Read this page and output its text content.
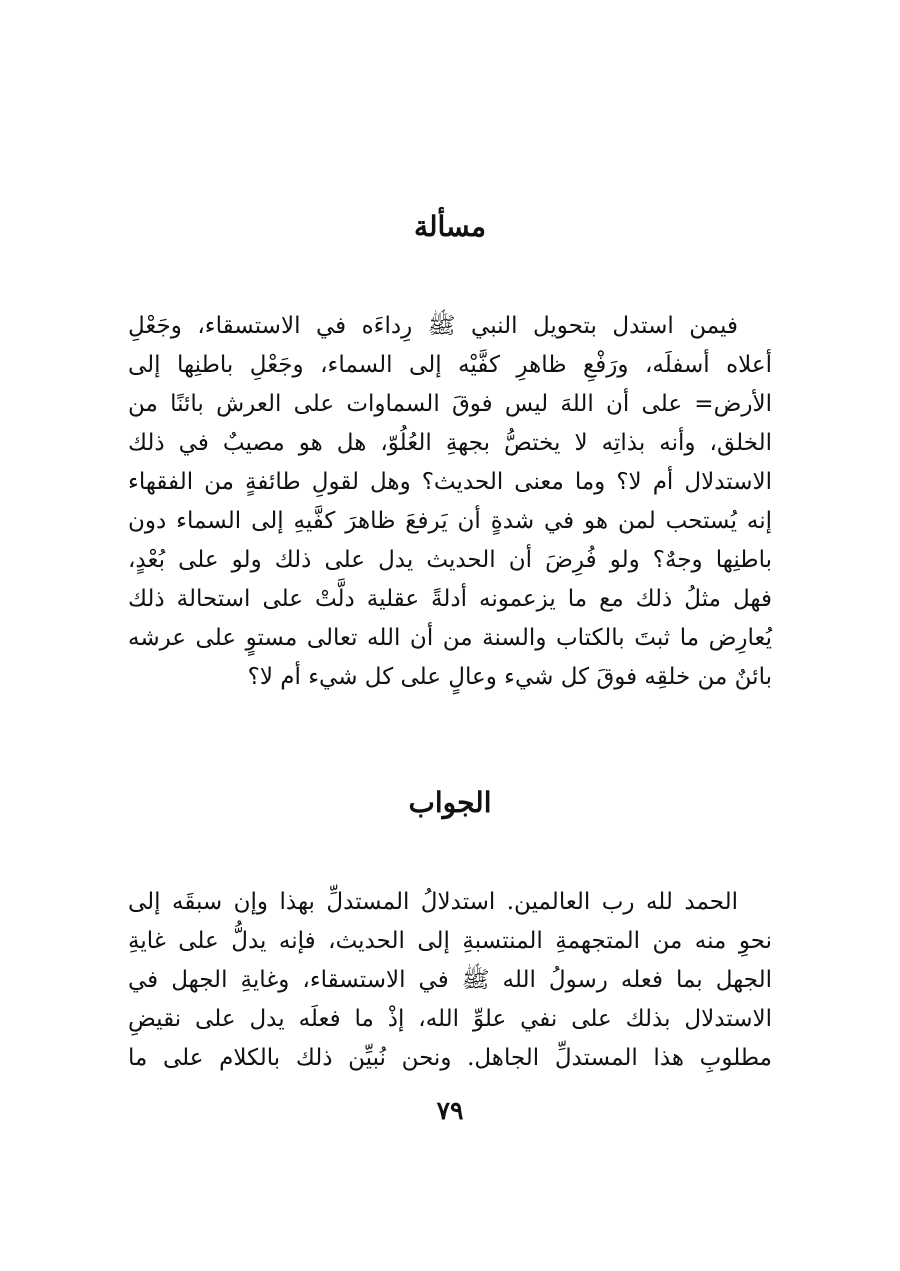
مسألة
فيمن استدل بتحويل النبي ﷺ رِداءَه في الاستسقاء، وجَعْلِ
أعلاه أسفلَه، ورَفْعِ ظاهرِ كفَّيْه إلى السماء، وجَعْلِ باطنِها إلى
الأرض= على أن اللهَ ليس فوقَ السماوات على العرش بائنًا من
الخلق، وأنه بذاتِه لا يختصُّ بجهةِ العُلُوّ، هل هو مصيبٌ في ذلك
الاستدلال أم لا؟ وما معنى الحديث؟ وهل لقولِ طائفةٍ من الفقهاء
إنه يُستحب لمن هو في شدةٍ أن يَرفعَ ظاهرَ كفَّيهِ إلى السماء دون
باطنِها وجهٌ؟ ولو فُرِضَ أن الحديث يدل على ذلك ولو على بُعْدٍ،
فهل مثلُ ذلك مع ما يزعمونه أدلةً عقلية دلَّتْ على استحالة ذلك
يُعارِض ما ثبتَ بالكتاب والسنة من أن الله تعالى مستوٍ على عرشه
بائنٌ من خلقِه فوقَ كل شيء وعالٍ على كل شيء أم لا؟
الجواب
الحمد لله رب العالمين. استدلالُ المستدلِّ بهذا وإن سبقَه إلى
نحوِ منه من المتجهمةِ المنتسبةِ إلى الحديث، فإنه يدلُّ على غايةِ
الجهل بما فعله رسولُ الله ﷺ في الاستسقاء، وغايةِ الجهل في
الاستدلال بذلك على نفي علوِّ الله، إذْ ما فعلَه يدل على نقيضِ
مطلوبِ هذا المستدلِّ الجاهل. ونحن نُبيِّن ذلك بالكلام على ما
٧٩
